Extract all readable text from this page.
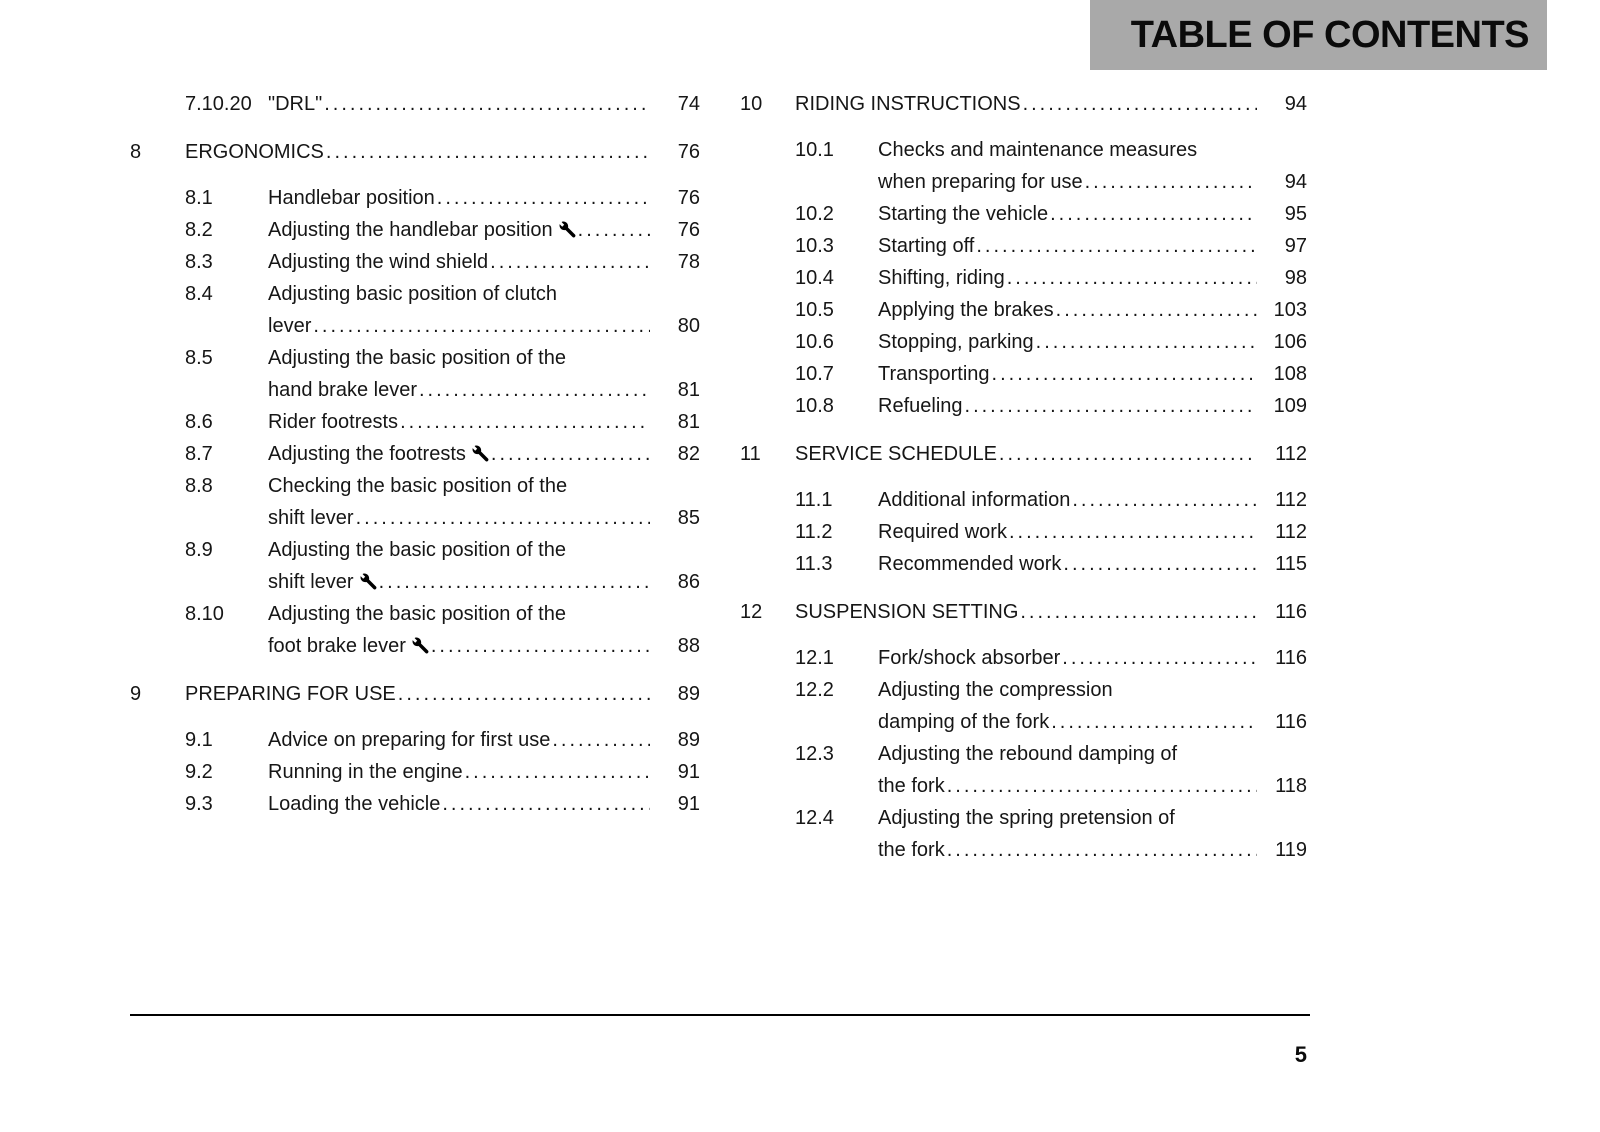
TABLE OF CONTENTS
7.10.20 "DRL" .....	74
8	ERGONOMICS .....	76
8.1	Handlebar position .....	76
8.2	Adjusting the handlebar position .....	76
8.3	Adjusting the wind shield .....	78
8.4	Adjusting basic position of clutch
lever .....	80
8.5	Adjusting the basic position of the
hand brake lever .....	81
8.6	Rider footrests .....	81
8.7	Adjusting the footrests .....	82
8.8	Checking the basic position of the
shift lever .....	85
8.9	Adjusting the basic position of the
shift lever .....	86
8.10	Adjusting the basic position of the
foot brake lever .....	88
9	PREPARING FOR USE .....	89
9.1	Advice on preparing for first use .....	89
9.2	Running in the engine .....	91
9.3	Loading the vehicle .....	91
10	RIDING INSTRUCTIONS .....	94
10.1	Checks and maintenance measures
when preparing for use .....	94
10.2	Starting the vehicle .....	95
10.3	Starting off .....	97
10.4	Shifting, riding .....	98
10.5	Applying the brakes .....	103
10.6	Stopping, parking .....	106
10.7	Transporting .....	108
10.8	Refueling .....	109
11	SERVICE SCHEDULE .....	112
11.1	Additional information .....	112
11.2	Required work .....	112
11.3	Recommended work .....	115
12	SUSPENSION SETTING .....	116
12.1	Fork/shock absorber .....	116
12.2	Adjusting the compression
damping of the fork .....	116
12.3	Adjusting the rebound damping of
the fork .....	118
12.4	Adjusting the spring pretension of
the fork .....	119
5
